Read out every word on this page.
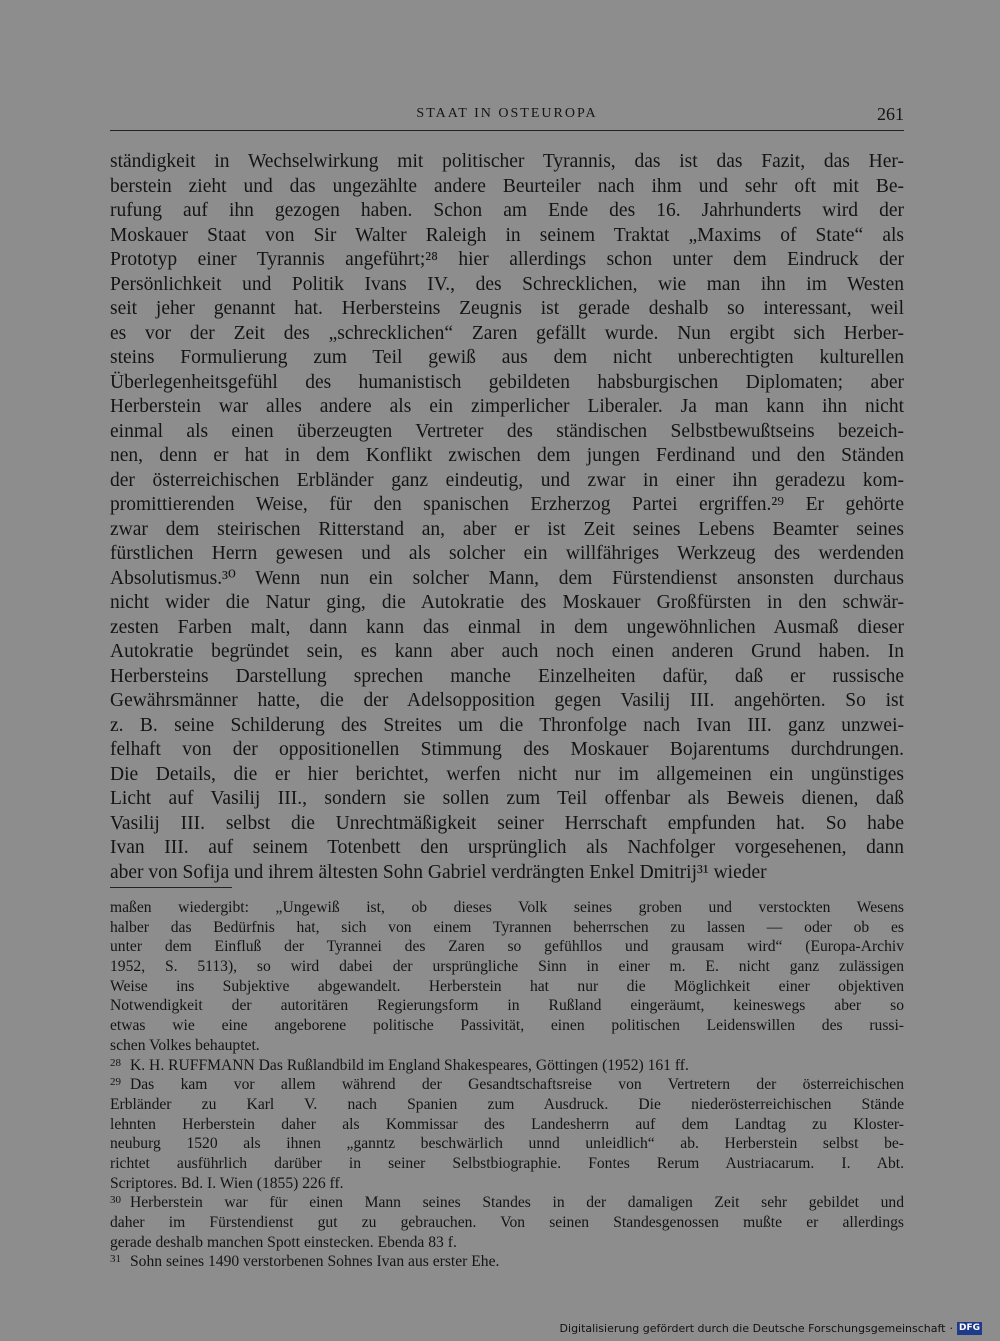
STAAT IN OSTEUROPA	261
ständigkeit in Wechselwirkung mit politischer Tyrannis, das ist das Fazit, das Her-
berstein zieht und das ungezählte andere Beurteiler nach ihm und sehr oft mit Be-
rufung auf ihn gezogen haben. Schon am Ende des 16. Jahrhunderts wird der
Moskauer Staat von Sir Walter Raleigh in seinem Traktat „Maxims of State“ als
Prototyp einer Tyrannis angeführt;²⁸ hier allerdings schon unter dem Eindruck der
Persönlichkeit und Politik Ivans IV., des Schrecklichen, wie man ihn im Westen
seit jeher genannt hat. Herbersteins Zeugnis ist gerade deshalb so interessant, weil
es vor der Zeit des „schrecklichen“ Zaren gefällt wurde. Nun ergibt sich Herber-
steins Formulierung zum Teil gewiß aus dem nicht unberechtigten kulturellen
Überlegenheitsgefühl des humanistisch gebildeten habsburgischen Diplomaten; aber
Herberstein war alles andere als ein zimperlicher Liberaler. Ja man kann ihn nicht
einmal als einen überzeugten Vertreter des ständischen Selbstbewußtseins bezeich-
nen, denn er hat in dem Konflikt zwischen dem jungen Ferdinand und den Ständen
der österreichischen Erbländer ganz eindeutig, und zwar in einer ihn geradezu kom-
promittierenden Weise, für den spanischen Erzherzog Partei ergriffen.²⁹ Er gehörte
zwar dem steirischen Ritterstand an, aber er ist Zeit seines Lebens Beamter seines
fürstlichen Herrn gewesen und als solcher ein willfähriges Werkzeug des werdenden
Absolutismus.³⁰ Wenn nun ein solcher Mann, dem Fürstendienst ansonsten durchaus
nicht wider die Natur ging, die Autokratie des Moskauer Großfürsten in den schwär-
zesten Farben malt, dann kann das einmal in dem ungewöhnlichen Ausmaß dieser
Autokratie begründet sein, es kann aber auch noch einen anderen Grund haben. In
Herbersteins Darstellung sprechen manche Einzelheiten dafür, daß er russische
Gewährsmänner hatte, die der Adelsopposition gegen Vasilij III. angehörten. So ist
z. B. seine Schilderung des Streites um die Thronfolge nach Ivan III. ganz unzwei-
felhaft von der oppositionellen Stimmung des Moskauer Bojarentums durchdrungen.
Die Details, die er hier berichtet, werfen nicht nur im allgemeinen ein ungünstiges
Licht auf Vasilij III., sondern sie sollen zum Teil offenbar als Beweis dienen, daß
Vasilij III. selbst die Unrechtmäßigkeit seiner Herrschaft empfunden hat. So habe
Ivan III. auf seinem Totenbett den ursprünglich als Nachfolger vorgesehenen, dann
aber von Sofija und ihrem ältesten Sohn Gabriel verdrängten Enkel Dmitrij³¹ wieder
maßen wiedergibt: „Ungewiß ist, ob dieses Volk seines groben und verstockten Wesens
halber das Bedürfnis hat, sich von einem Tyrannen beherrschen zu lassen — oder ob es
unter dem Einfluß der Tyrannei des Zaren so gefühllos und grausam wird“ (Europa-Archiv
1952, S. 5113), so wird dabei der ursprüngliche Sinn in einer m. E. nicht ganz zulässigen
Weise ins Subjektive abgewandelt. Herberstein hat nur die Möglichkeit einer objektiven
Notwendigkeit der autoritären Regierungsform in Rußland eingeräumt, keineswegs aber so
etwas wie eine angeborene politische Passivität, einen politischen Leidenswillen des russi-
schen Volkes behauptet.
28 K. H. RUFFMANN Das Rußlandbild im England Shakespeares, Göttingen (1952) 161 ff.
29 Das kam vor allem während der Gesandtschaftsreise von Vertretern der österreichischen
Erbländer zu Karl V. nach Spanien zum Ausdruck. Die niederösterreichischen Stände
lehnten Herberstein daher als Kommissar des Landesherrn auf dem Landtag zu Kloster-
neuburg 1520 als ihnen „ganntz beschwärlich unnd unleidlich“ ab. Herberstein selbst be-
richtet ausführlich darüber in seiner Selbstbiographie. Fontes Rerum Austriacarum. I. Abt.
Scriptores. Bd. I. Wien (1855) 226 ff.
30 Herberstein war für einen Mann seines Standes in der damaligen Zeit sehr gebildet und
daher im Fürstendienst gut zu gebrauchen. Von seinen Standesgenossen mußte er allerdings
gerade deshalb manchen Spott einstecken. Ebenda 83 f.
31 Sohn seines 1490 verstorbenen Sohnes Ivan aus erster Ehe.
Digitalisierung gefördert durch die Deutsche Forschungsgemeinschaft · DFG
